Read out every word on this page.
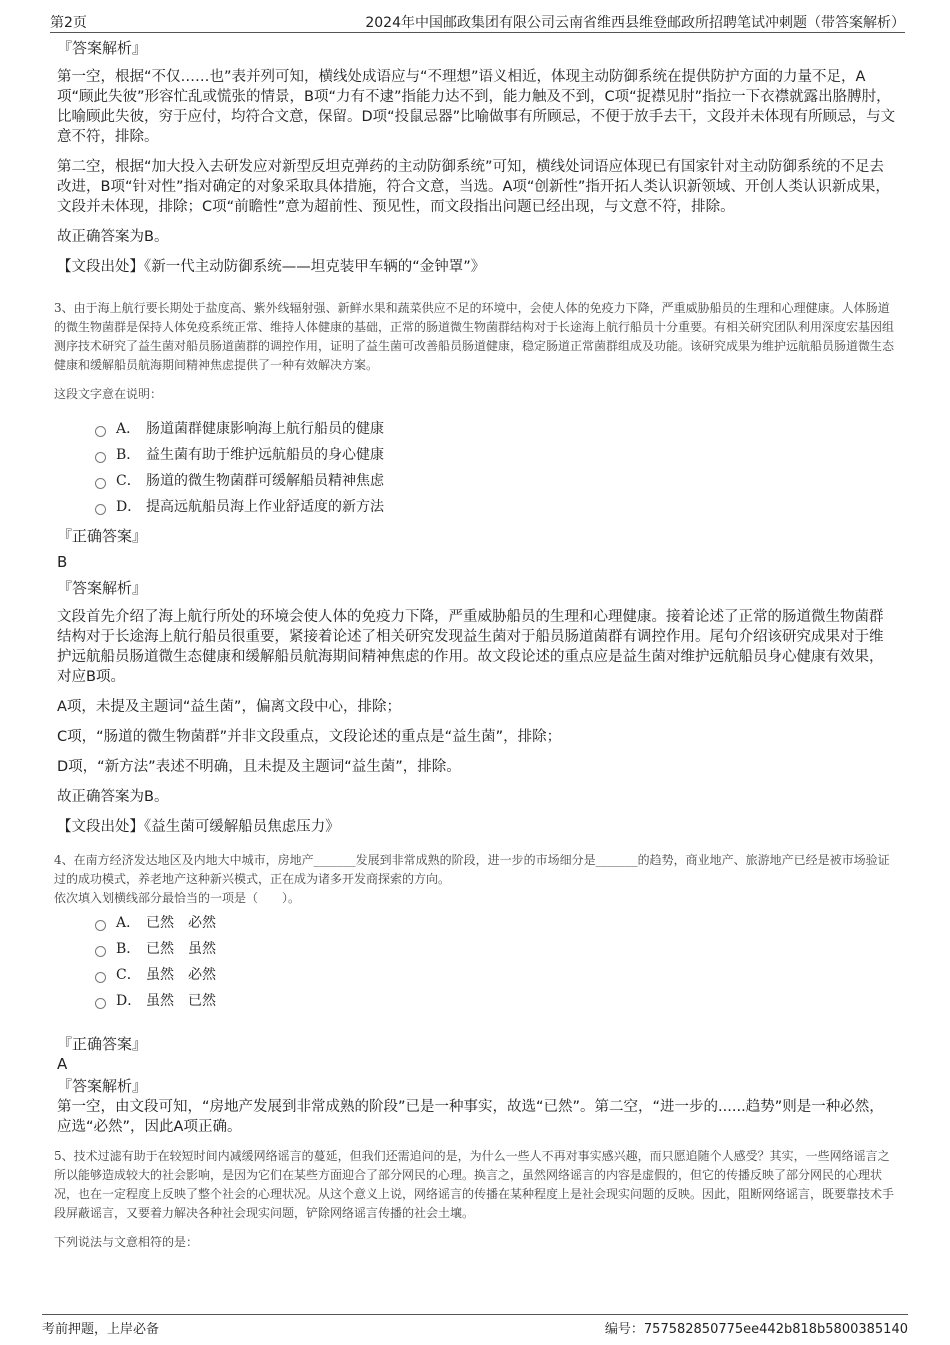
第2页	2024年中国邮政集团有限公司云南省维西县维登邮政所招聘笔试冲刺题（带答案解析）
『答案解析』

第一空，根据“不仅……也”表并列可知，横线处成语应与“不理想”语义相近，体现主动防御系统在提供防护方面的力量不足，A项“顾此失彼”形容忙乱或慌张的情景，B项“力有不逮”指能力达不到，能力触及不到，C项“捉襟见肘”指拉一下衣襟就露出胳膊肘，比喻顾此失彼，穷于应付，均符合文意，保留。D项“投鼠忌器”比喻做事有所顾忌，不便于放手去干，文段并未体现有所顾忌，与文意不符，排除。

第二空，根据“加大投入去研发应对新型反坦克弹药的主动防御系统”可知，横线处词语应体现已有国家针对主动防御系统的不足去改进，B项“针对性”指对确定的对象采取具体措施，符合文意，当选。A项“创新性”指开拓人类认识新领域、开创人类认识新成果，文段并未体现，排除；C项“前瞻性”意为超前性、预见性，而文段指出问题已经出现，与文意不符，排除。

故正确答案为B。

【文段出处】《新一代主动防御系统——坦克装甲车辆的“金钟罩”》

3、由于海上航行要长期处于盐度高、紫外线辐射强、新鲜水果和蔬菜供应不足的环境中，会使人体的免疫力下降，严重威胁船员的生理和心理健康。人体肠道的微生物菌群是保持人体免疫系统正常、维持人体健康的基础，正常的肠道微生物菌群结构对于长途海上航行船员十分重要。有相关研究团队利用深度宏基因组测序技术研究了益生菌对船员肠道菌群的调控作用，证明了益生菌可改善船员肠道健康，稳定肠道正常菌群组成及功能。该研究成果为维护远航船员肠道微生态健康和缓解船员航海期间精神焦虑提供了一种有效解决方案。

这段文字意在说明：

A． 肠道菌群健康影响海上航行船员的健康
B． 益生菌有助于维护远航船员的身心健康
C． 肠道的微生物菌群可缓解船员精神焦虑
D． 提高远航船员海上作业舒适度的新方法
『正确答案』
B
『答案解析』

文段首先介绍了海上航行所处的环境会使人体的免疫力下降，严重威胁船员的生理和心理健康。接着论述了正常的肠道微生物菌群结构对于长途海上航行船员很重要，紧接着论述了相关研究发现益生菌对于船员肠道菌群有调控作用。尾句介绍该研究成果对于维护远航船员肠道微生态健康和缓解船员航海期间精神焦虑的作用。故文段论述的重点应是益生菌对维护远航船员身心健康有效果，对应B项。

A项，未提及主题词“益生菌”，偏离文段中心，排除；

C项，“肠道的微生物菌群”并非文段重点，文段论述的重点是“益生菌”，排除；

D项，“新方法”表述不明确，且未提及主题词“益生菌”，排除。

故正确答案为B。

【文段出处】《益生菌可缓解船员焦虑压力》

4、在南方经济发达地区及内地大中城市，房地产_______发展到非常成熟的阶段，进一步的市场细分是_______的趋势，商业地产、旅游地产已经是被市场验证过的成功模式，养老地产这种新兴模式，正在成为诸多开发商探索的方向。

依次填入划横线部分最恰当的一项是（　　）。

A． 已然　必然
B． 已然　虽然
C． 虽然　必然
D． 虽然　已然
『正确答案』
A
『答案解析』

第一空，由文段可知，“房地产发展到非常成熟的阶段”已是一种事实，故选“已然”。第二空，“进一步的......趋势”则是一种必然，应选“必然”，因此A项正确。

5、技术过滤有助于在较短时间内减缓网络谣言的蔓延，但我们还需追问的是，为什么一些人不再对事实感兴趣，而只愿追随个人感受？其实，一些网络谣言之所以能够造成较大的社会影响，是因为它们在某些方面迎合了部分网民的心理。换言之，虽然网络谣言的内容是虚假的，但它的传播反映了部分网民的心理状况，也在一定程度上反映了整个社会的心理状况。从这个意义上说，网络谣言的传播在某种程度上是社会现实问题的反映。因此，阻断网络谣言，既要靠技术手段屏蔽谣言，又要着力解决各种社会现实问题，铲除网络谣言传播的社会土壤。

下列说法与文意相符的是：

考前押题，上岸必备	编号：757582850775ee442b818b5800385140
